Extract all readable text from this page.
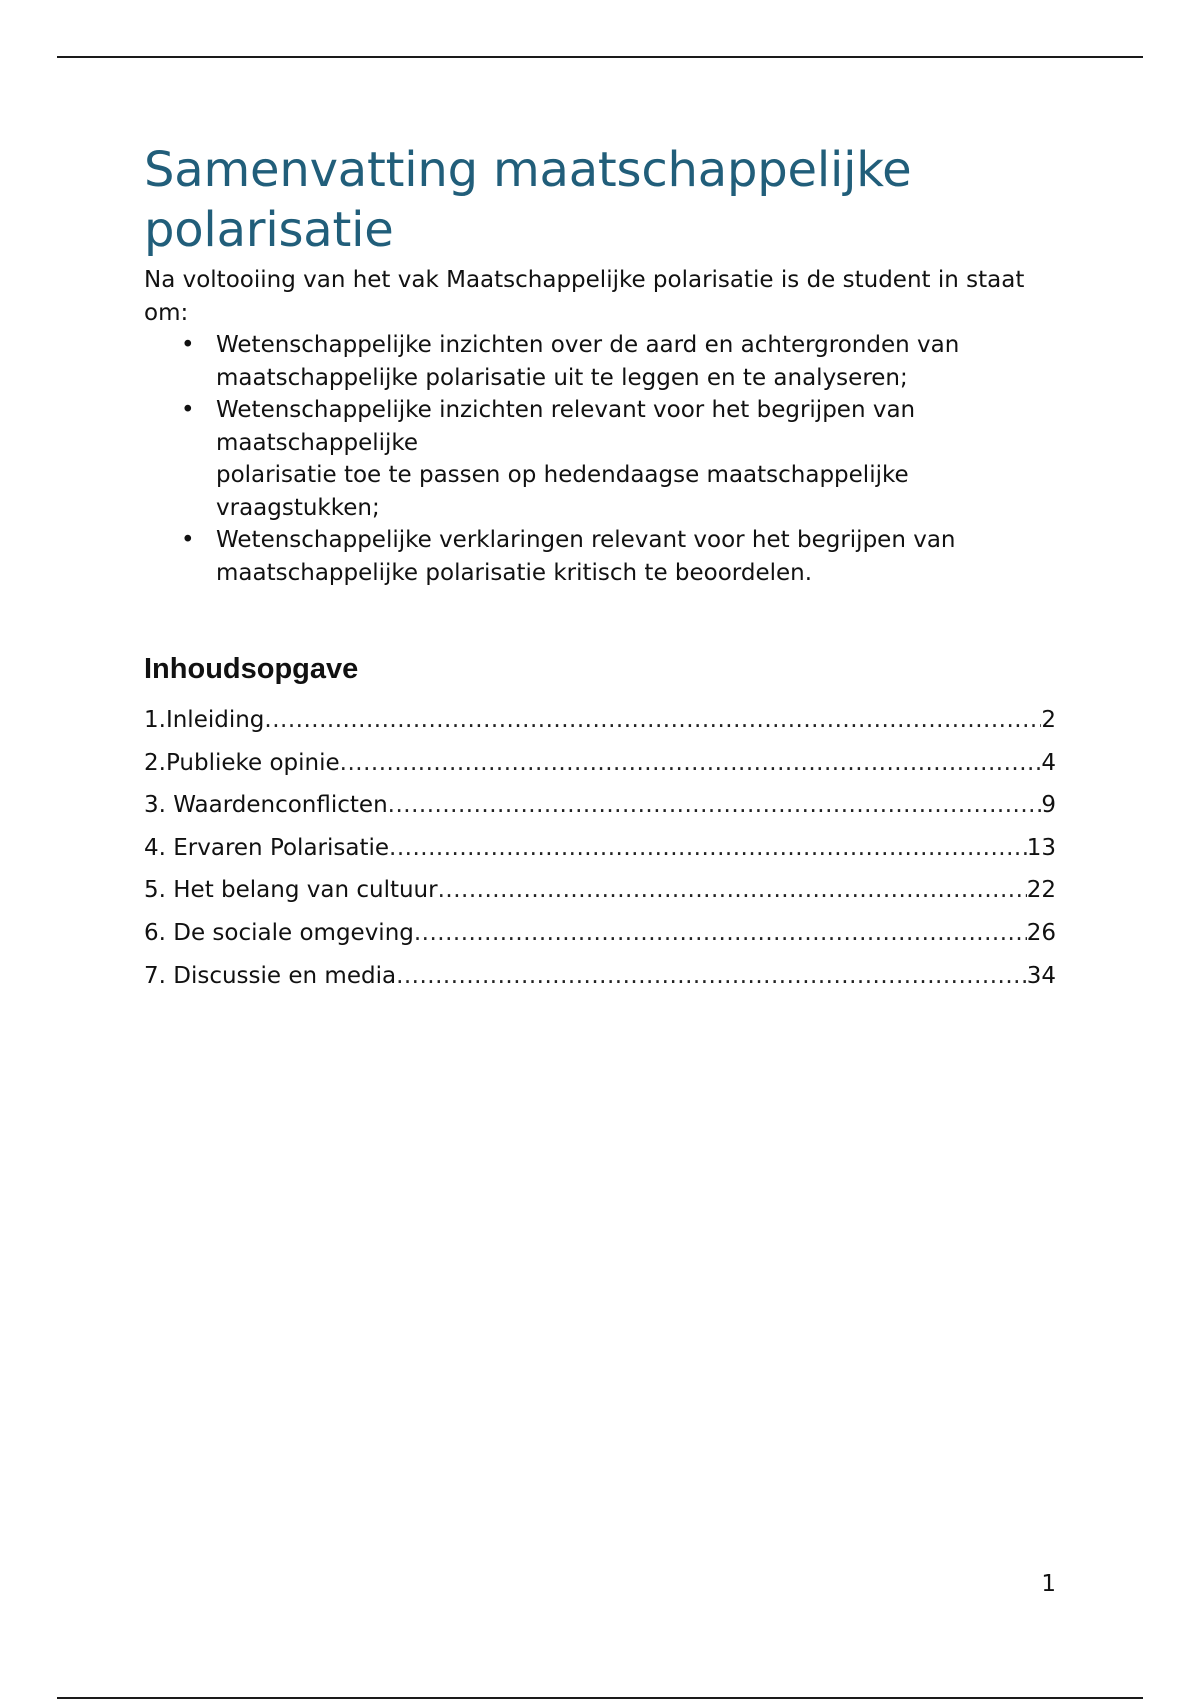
Samenvatting maatschappelijke polarisatie

Na voltooiing van het vak Maatschappelijke polarisatie is de student in staat om:

• Wetenschappelijke inzichten over de aard en achtergronden van
maatschappelijke polarisatie uit te leggen en te analyseren;
• Wetenschappelijke inzichten relevant voor het begrijpen van
maatschappelijke
polarisatie toe te passen op hedendaagse maatschappelijke
vraagstukken;
• Wetenschappelijke verklaringen relevant voor het begrijpen van
maatschappelijke polarisatie kritisch te beoordelen.
Inhoudsopgave
1.Inleiding .....	2
2.Publieke opinie .....	4
3. Waardenconflicten .....	9
4. Ervaren Polarisatie .....	13
5. Het belang van cultuur .....	22
6. De sociale omgeving .....	26
7. Discussie en media .....	34
1
